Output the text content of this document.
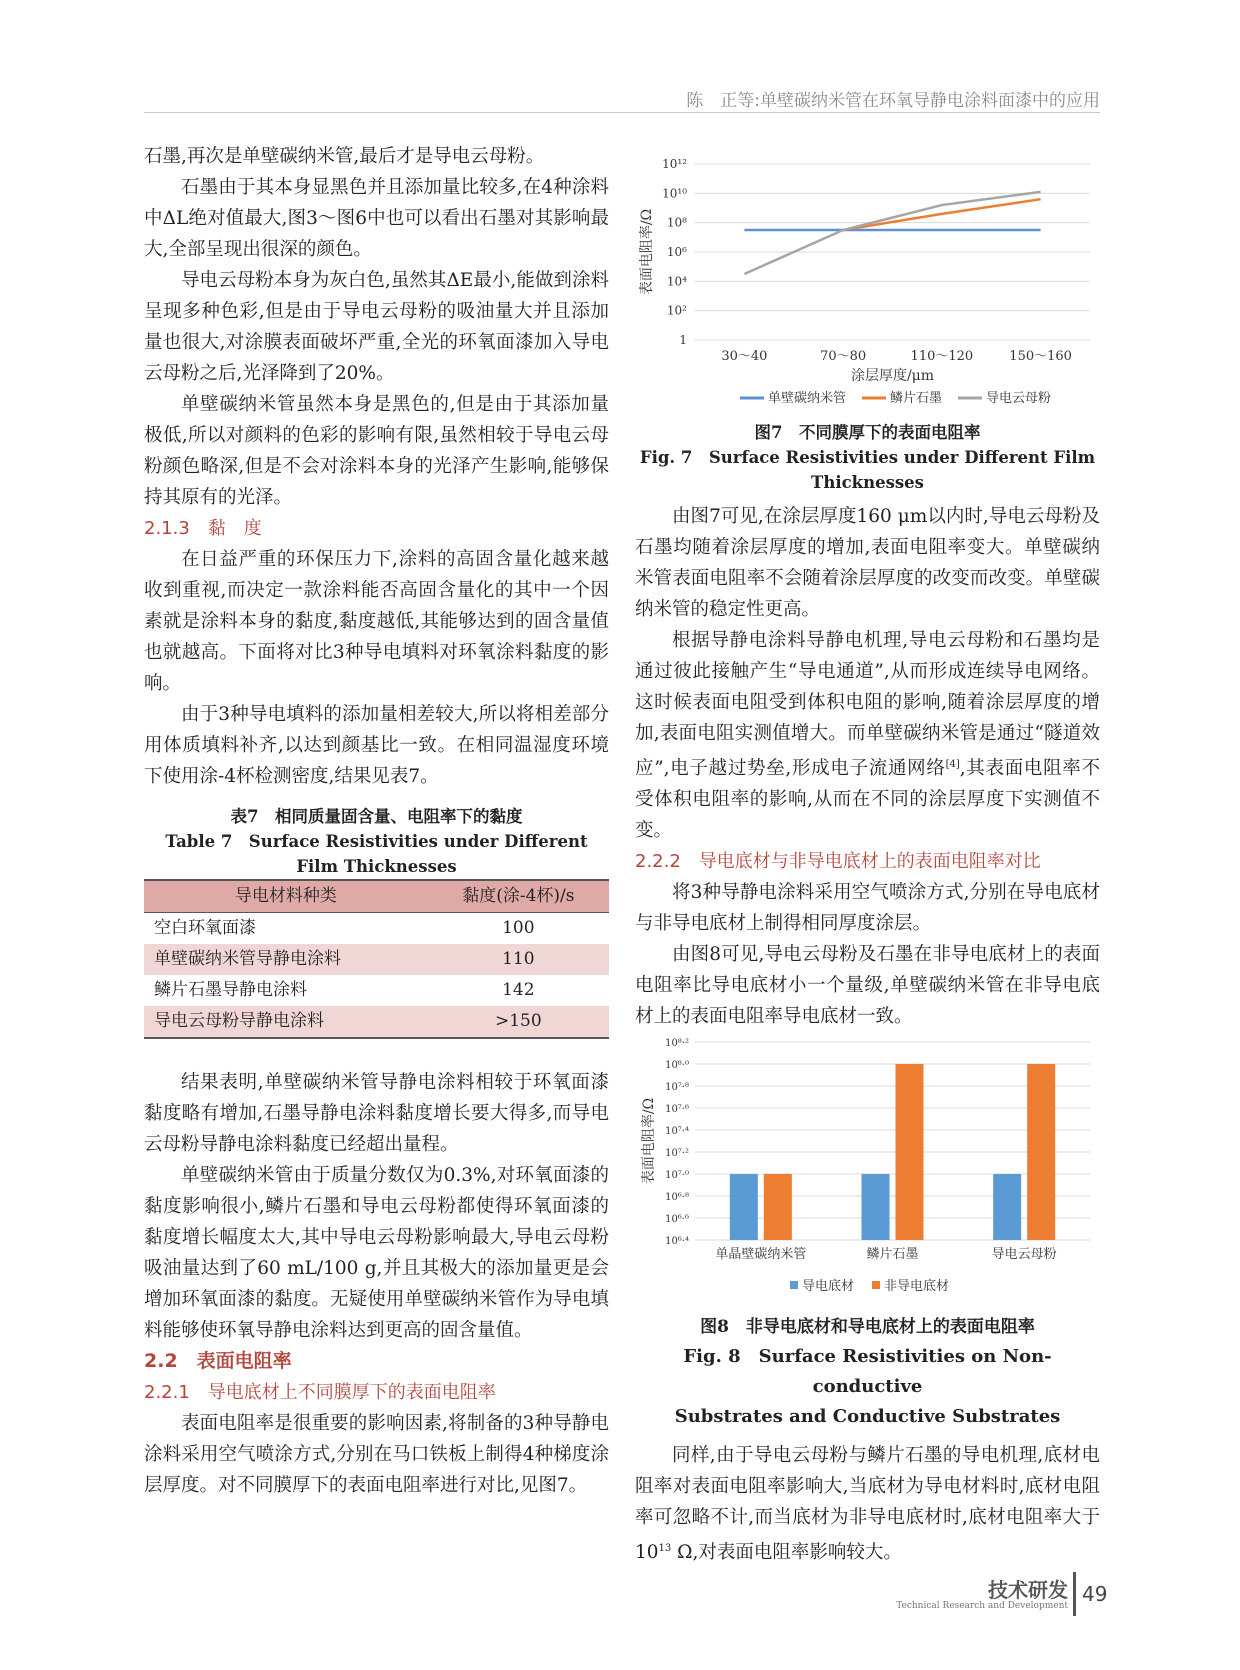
陈　正等:单壁碳纳米管在环氧导静电涂料面漆中的应用

石墨,再次是单壁碳纳米管,最后才是导电云母粉。

石墨由于其本身显黑色并且添加量比较多,在4种涂料中ΔL绝对值最大,图3～图6中也可以看出石墨对其影响最大,全部呈现出很深的颜色。

导电云母粉本身为灰白色,虽然其ΔE最小,能做到涂料呈现多种色彩,但是由于导电云母粉的吸油量大并且添加量也很大,对涂膜表面破坏严重,全光的环氧面漆加入导电云母粉之后,光泽降到了20%。

单壁碳纳米管虽然本身是黑色的,但是由于其添加量极低,所以对颜料的色彩的影响有限,虽然相较于导电云母粉颜色略深,但是不会对涂料本身的光泽产生影响,能够保持其原有的光泽。

2.1.3　黏　度

在日益严重的环保压力下,涂料的高固含量化越来越收到重视,而决定一款涂料能否高固含量化的其中一个因素就是涂料本身的黏度,黏度越低,其能够达到的固含量值也就越高。下面将对比3种导电填料对环氧涂料黏度的影响。

由于3种导电填料的添加量相差较大,所以将相差部分用体质填料补齐,以达到颜基比一致。在相同温湿度环境下使用涂-4杯检测密度,结果见表7。

表7　相同质量固含量、电阻率下的黏度
Table 7　Surface Resistivities under Different Film Thicknesses
导电材料种类	黏度(涂-4杯)/s
空白环氧面漆	100
单壁碳纳米管导静电涂料	110
鳞片石墨导静电涂料	142
导电云母粉导静电涂料	>150

结果表明,单壁碳纳米管导静电涂料相较于环氧面漆黏度略有增加,石墨导静电涂料黏度增长要大得多,而导电云母粉导静电涂料黏度已经超出量程。

单壁碳纳米管由于质量分数仅为0.3%,对环氧面漆的黏度影响很小,鳞片石墨和导电云母粉都使得环氧面漆的黏度增长幅度太大,其中导电云母粉影响最大,导电云母粉吸油量达到了60 mL/100 g,并且其极大的添加量更是会增加环氧面漆的黏度。无疑使用单壁碳纳米管作为导电填料能够使环氧导静电涂料达到更高的固含量值。

2.2　表面电阻率

2.2.1　导电底材上不同膜厚下的表面电阻率

表面电阻率是很重要的影响因素,将制备的3种导静电涂料采用空气喷涂方式,分别在马口铁板上制得4种梯度涂层厚度。对不同膜厚下的表面电阻率进行对比,见图7。

1
10²
10⁴
10⁶
10⁸
10¹⁰
10¹²
30～40	70～80	110～120	150～160
涂层厚度/μm
表面电阻率/Ω
单壁碳纳米管	鳞片石墨	导电云母粉
图7　不同膜厚下的表面电阻率
Fig. 7　Surface Resistivities under Different Film Thicknesses

由图7可见,在涂层厚度160 μm以内时,导电云母粉及石墨均随着涂层厚度的增加,表面电阻率变大。单壁碳纳米管表面电阻率不会随着涂层厚度的改变而改变。单壁碳纳米管的稳定性更高。

根据导静电涂料导静电机理,导电云母粉和石墨均是通过彼此接触产生“导电通道”,从而形成连续导电网络。这时候表面电阻受到体积电阻的影响,随着涂层厚度的增加,表面电阻实测值增大。而单壁碳纳米管是通过“隧道效应”,电子越过势垒,形成电子流通网络[4],其表面电阻率不受体积电阻率的影响,从而在不同的涂层厚度下实测值不变。

2.2.2　导电底材与非导电底材上的表面电阻率对比

将3种导静电涂料采用空气喷涂方式,分别在导电底材与非导电底材上制得相同厚度涂层。

由图8可见,导电云母粉及石墨在非导电底材上的表面电阻率比导电底材小一个量级,单壁碳纳米管在非导电底材上的表面电阻率导电底材一致。

10⁶·⁴
10⁶·⁶
10⁶·⁸
10⁷·⁰
10⁷·²
10⁷·⁴
10⁷·⁶
10⁷·⁸
10⁸·⁰
10⁸·²
单晶壁碳纳米管	鳞片石墨	导电云母粉
表面电阻率/Ω
导电底材 非导电底材
图8　非导电底材和导电底材上的表面电阻率
Fig. 8　Surface Resistivities on Non-conductive
Substrates and Conductive Substrates

同样,由于导电云母粉与鳞片石墨的导电机理,底材电阻率对表面电阻率影响大,当底材为导电材料时,底材电阻率可忽略不计,而当底材为非导电底材时,底材电阻率大于$10^{13}$ Ω,对表面电阻率影响较大。

技术研发
Technical Research and Development 49
